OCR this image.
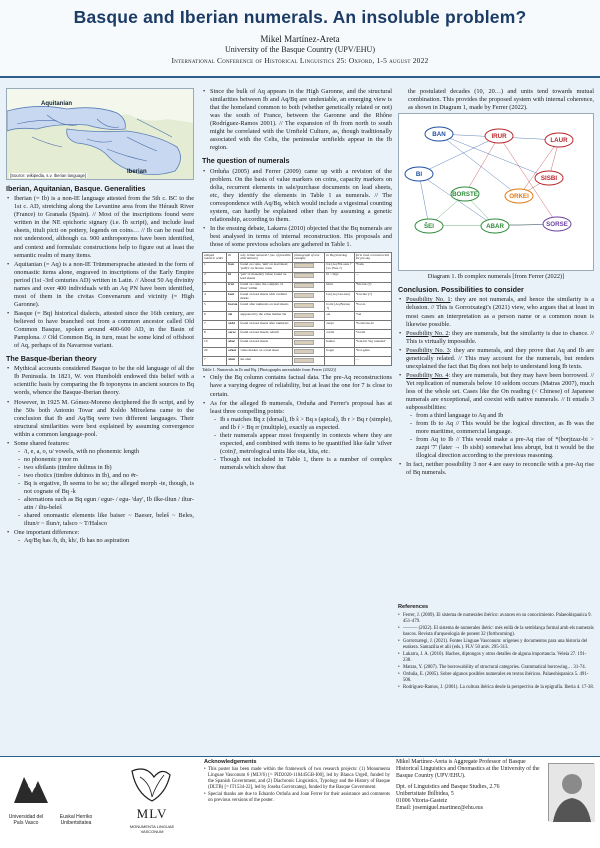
Basque and Iberian numerals. An insoluble problem?
Mikel Martínez-Areta
University of the Basque Country (UPV/EHU)
International Conference of Historical Linguistics 25: Oxford, 1-5 august 2022
Aquitanian
Iberian
[Source: wikipedia, s.v. Iberian language]
Iberian, Aquitanian, Basque. Generalities
• Iberian (= Ib) is a non-IE language attested from the 5th c. BC to the 1st c. AD, stretching along the Levantine area from the Hérault River (France) to Granada (Spain). // Most of the inscriptions found were written in the NE epichoric signary (i.e. Ib script), and include lead sheets, tituli picti on pottery, legends on coins… // Ib can be read but not understood, although ca. 900 anthroponyms have been identified, and context and formulaic constructions help to figure out at least the semantic realm of many items.
• Aquitanian (= Aq) is a non-IE Trümmersprache attested in the form of onomastic items alone, engraved in inscriptions of the Early Empire period (1st -3rd centuries AD) written in Latin. // About 50 Aq divinity names and over 400 individuals with an Aq PN have been identified, most of them in the civitas Convenarum and vicinity (= High Garonne).
• Basque (= Bq) historical dialects, attested since the 16th century, are believed to have branched out from a common ancestor called Old Common Basque, spoken around 400-600 AD, in the Basin of Pamplona. // Old Common Bq, in turn, must be some kind of offshoot of Aq, perhaps of its Navarrese variant.
The Basque-Iberian theory
• Mythical accounts considered Basque to be the old language of all the Ib Peninsula. In 1821, W. von Humboldt endowed this belief with a scientific basis by comparing the Ib toponyms in ancient sources to Bq words, whence the Basque-Iberian theory.
• However, in 1925 M. Gómez-Moreno deciphered the Ib script, and by the 50s both Antonio Tovar and Koldo Mitxelena came to the conclusion that Ib and Aq/Bq were two different languages. Their structural similarities were best explained by assuming convergence within a common language-pool.
• Some shared features:
- /i, e, a, o, u/ vowels, with no phonemic length
- no phonemic p nor m
- two sibilants (timbre dulinus in Ib)
- two rhotics (timbre dubinos in Ib), and no #r-
- Bq is ergative, Ib seems to be so; the alleged morph -te, though, is not cognate of Bq -k
- alternations such as Bq egun / egur- / egu- 'day', Ib ilke-iltun / iltur-atin / iltu-beleš
- shared onomastic elements like baiser ~ Baeser, beleš ~ Beles, iltun/r ~ Ilun/r, talsco ~ T/Halsco
• One important difference:
- Aq/Bq has /h, th, kh/, Ib has no aspiration
• Since the bulk of Aq appears in the High Garonne, and the structural similarities between Ib and Aq/Bq are undeniable, an emerging view is that the homeland common to both (whether genetically related or not) was the south of France, between the Garonne and the Rhône (Rodríguez-Ramos 2001). // The expansion of Ib from north to south might be correlated with the Urnfield Culture, as, though traditionally associated with the Celts, the peninsular urnfields appear in the Ib region.
The question of numerals
• Orduña (2005) and Ferrer (2009) came up with a revision of the problem. On the basis of value markers on coins, capacity markers on dolia, recurrent elements in sale/purchase documents on lead sheets, etc, they identify the elements in Table 1 as numerals. // The correspondence with Aq/Bq, which would include a vigesimal counting system, can hardly be explained other than by assuming a genetic relationship, according to them.
• In the ensuing debate, Lakarra (2010) objected that the Bq numerals are best analysed in terms of internal reconstruction. His proposals and those of some previous scholars are gathered in Table 1.
alleged numeric order	Ib	why is/that numeral? (no. of possible alternations)	photograph of one example	in Bq (mod Aq)	form trad. reconstructed for pre-Aq
1	ban	found on coins, 'unit' on lead sheet; 'prefix' on bronze coins		bat (Aq Ebi-ssus ? (vs. Etus ?)	*bade
2	bi	'pair' of monetary value; found on lead sheets		bi ~ biga	—
3	irur	found on coins; the complex 'of three' within		hirur	*hir-bur (?)
4	laur	found on lead sheets with cardinal marks		lau (Aq Lau-xus)	*lau-bur (?)
5	borste	found after numerals on lead sheets		bortz (Aq Borsus ?)	*bor-ts
6	ŝei	supported by the value marker ŝei		sei	*sei
7	sisbi	found on lead sheets after numerals		zazpi	*bortz/zaz-bi
8	sorse	found on lead sheets; rebuilt		zortzi	*zortzi
10	abar	found on lead sheets		hamar	*ban-bir 'big rounded'
20	orkei	value marker on a lead sheet		hogei	*hor-geire
?	atun	ŝei-atun			—
Table 1. Numerals in Ib and Bq. [Photographs unreadable from Ferrer (2022)]
• Only the Bq column contains factual data. The pre-Aq reconstructions have a varying degree of reliability, but at least the one for 7 is close to certain.
• As for the alleged Ib numerals, Orduña and Ferrer's proposal has at least three compelling points:
- Ib s matches Bq z (dorsal), Ib ŝ > Bq s (apical), Ib r > Bq r (simple), and Ib ŕ > Bq rr (multiple), exactly as expected.
- their numerals appear most frequently in contexts where they are expected, and combined with items to be quantified like šalir 'silver (coin)', metrological units like ota, kita, etc.
- Though not included in Table 1, there is a number of complex numerals which show that

the postulated decades (10, 20…) and units tend towards mutual combination. This provides the proposed system with internal coherence, as shown in Diagram 1, made by Ferrer (2022).

BAN
BI
IRUR
LAUR
BORSTE
ŜEI
SISBI
SORSE
ABAR
ORKEI
Diagram 1. Ib complex numerals [from Ferrer (2022)]
Conclusion. Possibilities to consider
• Possibility No. 1: they are not numerals, and hence the similarity is a delusion. // This is Gorrotxategi's (2021) view, who argues that at least in most cases an interpretation as a person name or a common noun is likewise possible.
• Possibility No. 2: they are numerals, but the similarity is due to chance. // This is virtually impossible.
• Possibility No. 3: they are numerals, and they prove that Aq and Ib are genetically related. // This may account for the numerals, but renders unexplained the fact that Bq does not help to understand long Ib texts.
• Possibility No. 4: they are numerals, but they may have been borrowed. // Yet replication of numerals below 10 seldom occurs (Matras 2007), much less of the whole set. Cases like the On reading (< Chinese) of Japanese numerals are exceptional, and coexist with native numerals. // It entails 3 subpossibilities:
- from a third language to Aq and Ib
- from Ib to Aq // This would be the logical direction, as Ib was the more maritime, commercial language.
- from Aq to Ib // This would make a pre-Aq rise of *(borjtzaz-bi > zazpi '7' (later → Ib sisbi) somewhat less abrupt, but it would be the illogical direction according to the previous reasoning.
• In fact, neither possibility 3 nor 4 are easy to reconcile with a pre-Aq rise of Bq numerals.
References
• Ferrer, J. (2009). El sistema de numerales ibérico: avances en su conocimiento. Palaeohispanica 9. 451-479.
• ——— (2022). El sistema de numerales ibèric: més enllà de la semblança formal amb els numerals bascos. Revista d'arqueologia de ponent 32 (forthcoming).
• Gorrotxategi, J. (2021). Fontes Linguae Vasconum: orígenes y documentos para una historia del euskera. Santazilia et alii (eds.). FLV 50 aniv. 295-313.
• Lakarra, J. A. (2010). Haches, diptongos y otros detalles de alguna importancia. Veleia 27. 191-238.
• Matras, Y. (2007). The borrowability of structural categories. Grammatical borrowing… 31-74.
• Orduña, E. (2005). Sobre algunos posibles numerales en textos ibéricos. Palaeohispanica 5. 491-506.
• Rodríguez-Ramos, J. (2001). La cultura ibérica desde la perspectiva de la epigrafía. Iberia 4. 17-38.
Universidad del País Vasco
Euskal Herriko Unibertsitatea
MLV
MONUMENTA LINGUAE VASCONUM
Acknowledgements
• This poster has been made within the framework of two research projects: (1) Monumenta Linguae Vasconum 6 (MLV6) [= PID2020-118445GB-I00], led by Blanca Urgell, funded by the Spanish Government, and (2) Diachronic Linguistics, Typology and the History of Basque (DLTB) [= IT1534-22], led by Joseba Gorrotxategi, funded by the Basque Government.
• Special thanks are due to Eduardo Orduña and Joan Ferrer for their assistance and comments on previous versions of the poster.

Mikel Martínez-Areta is Aggregate Professor of Basque Historical Linguistics and Onomastics at the University of the Basque Country (UPV/EHU).

Dpt. of Linguistics and Basque Studies, 2.76

Unibertsitate Ibilbidea, 5

01006 Vitoria-Gasteiz

Email: josemiguel.martinez@ehu.eus
